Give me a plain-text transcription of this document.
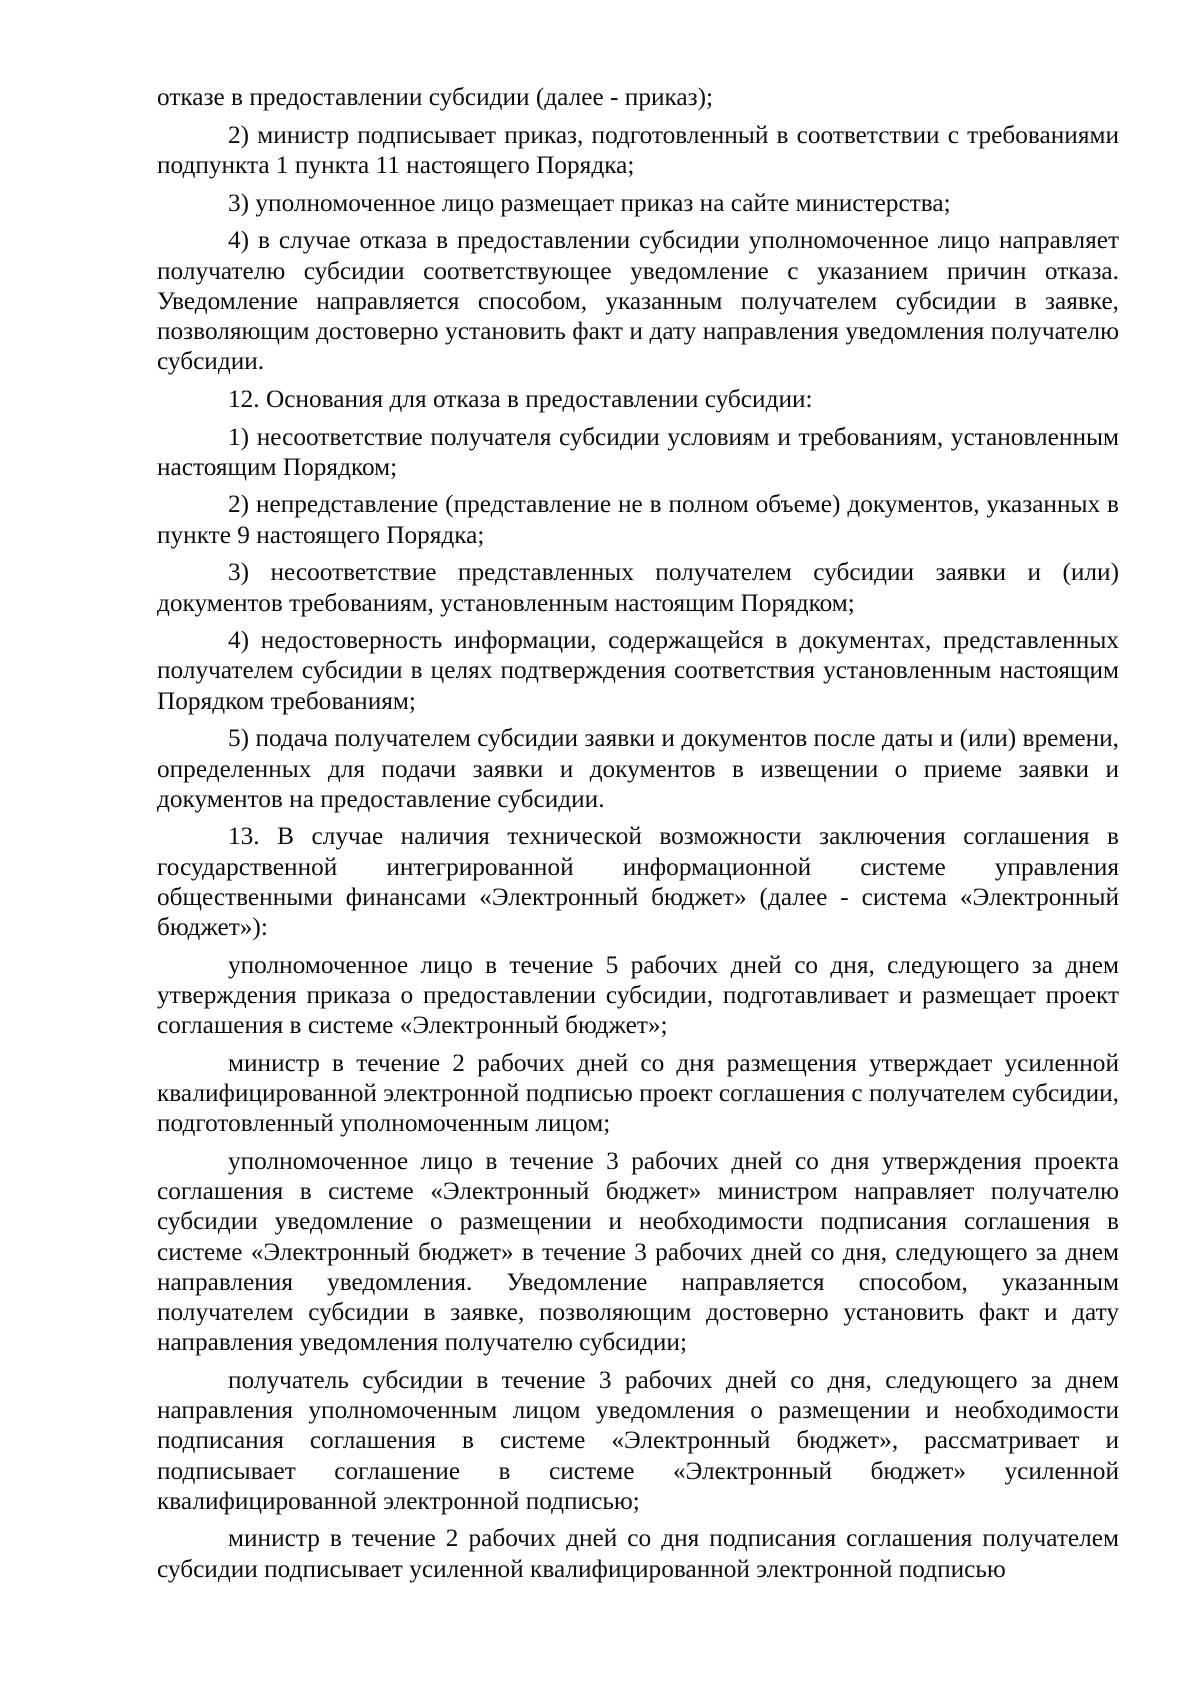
отказе в предоставлении субсидии (далее - приказ);

2) министр подписывает приказ, подготовленный в соответствии с требованиями подпункта 1 пункта 11 настоящего Порядка;

3) уполномоченное лицо размещает приказ на сайте министерства;

4) в случае отказа в предоставлении субсидии уполномоченное лицо направляет получателю субсидии соответствующее уведомление с указанием причин отказа. Уведомление направляется способом, указанным получателем субсидии в заявке, позволяющим достоверно установить факт и дату направления уведомления получателю субсидии.

12. Основания для отказа в предоставлении субсидии:

1) несоответствие получателя субсидии условиям и требованиям, установленным настоящим Порядком;

2) непредставление (представление не в полном объеме) документов, указанных в пункте 9 настоящего Порядка;

3) несоответствие представленных получателем субсидии заявки и (или) документов требованиям, установленным настоящим Порядком;

4) недостоверность информации, содержащейся в документах, представленных получателем субсидии в целях подтверждения соответствия установленным настоящим Порядком требованиям;

5) подача получателем субсидии заявки и документов после даты и (или) времени, определенных для подачи заявки и документов в извещении о приеме заявки и документов на предоставление субсидии.

13. В случае наличия технической возможности заключения соглашения в государственной интегрированной информационной системе управления общественными финансами «Электронный бюджет» (далее - система «Электронный бюджет»):

уполномоченное лицо в течение 5 рабочих дней со дня, следующего за днем утверждения приказа о предоставлении субсидии, подготавливает и размещает проект соглашения в системе «Электронный бюджет»;

министр в течение 2 рабочих дней со дня размещения утверждает усиленной квалифицированной электронной подписью проект соглашения с получателем субсидии, подготовленный уполномоченным лицом;

уполномоченное лицо в течение 3 рабочих дней со дня утверждения проекта соглашения в системе «Электронный бюджет» министром направляет получателю субсидии уведомление о размещении и необходимости подписания соглашения в системе «Электронный бюджет» в течение 3 рабочих дней со дня, следующего за днем направления уведомления. Уведомление направляется способом, указанным получателем субсидии в заявке, позволяющим достоверно установить факт и дату направления уведомления получателю субсидии;

получатель субсидии в течение 3 рабочих дней со дня, следующего за днем направления уполномоченным лицом уведомления о размещении и необходимости подписания соглашения в системе «Электронный бюджет», рассматривает и подписывает соглашение в системе «Электронный бюджет» усиленной квалифицированной электронной подписью;

министр в течение 2 рабочих дней со дня подписания соглашения получателем субсидии подписывает усиленной квалифицированной электронной подписью
